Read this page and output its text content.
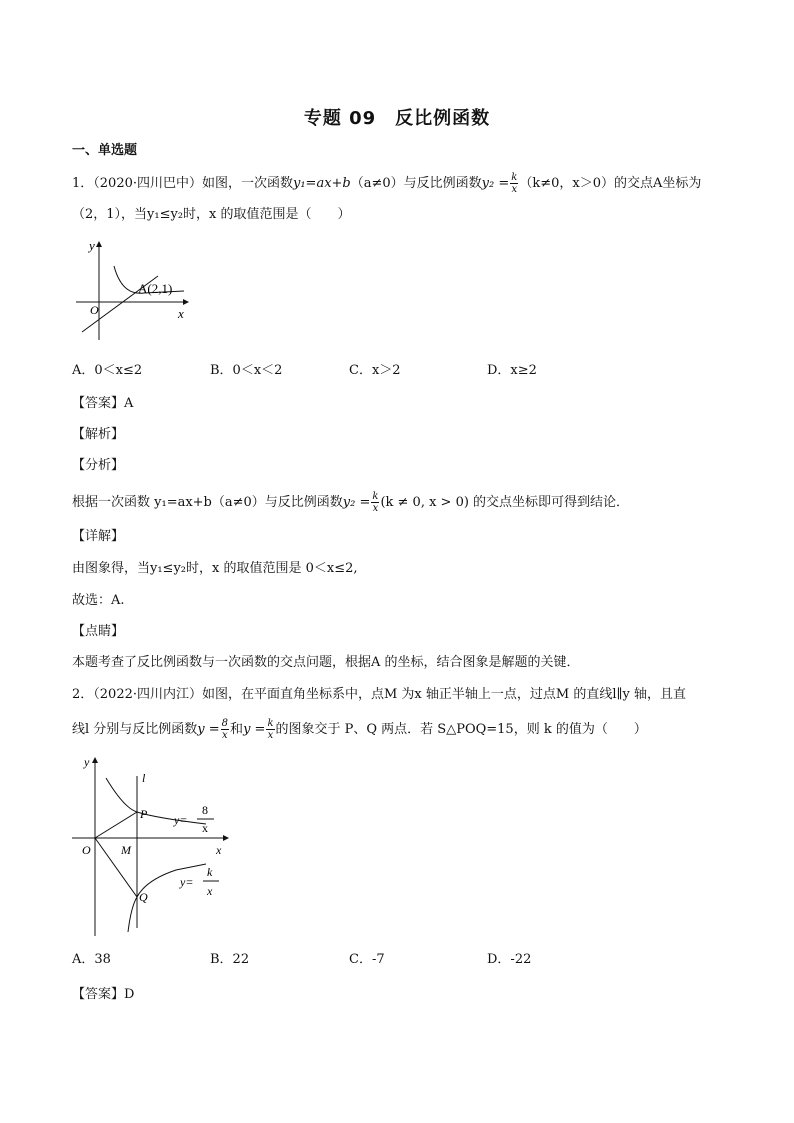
专题 09　反比例函数
一、单选题
1．（2020·四川巴中）如图，一次函数y₁=ax+b（a≠0）与反比例函数$y_2 = \frac{k}{x} (k\ne 0$，x＞0）的交点A坐标为
（2，1），当y₁≤y₂时，x 的取值范围是（　　）
y
x
O
A(2,1)
A．0＜x≤2	B．0＜x＜2	C．x＞2	D．x≥2
【答案】A
【解析】
【分析】
根据一次函数 y₁=ax+b（a≠0）与反比例函数$y_2 = \frac{k}{x} (k \ne 0$, x > 0) 的交点坐标即可得到结论．
【详解】
由图象得，当y₁≤y₂时，x 的取值范围是 0＜x≤2,
故选：A.
【点睛】
本题考查了反比例函数与一次函数的交点问题，根据A 的坐标，结合图象是解题的关键．
2．（2022·四川内江）如图，在平面直角坐标系中，点M 为x 轴正半轴上一点，过点M 的直线l∥y 轴，且直
线l 分别与反比例函数$y = \frac{8}{x}$ 和$y = \frac{k}{x}$ 的图象交于 P、Q 两点．若 S△POQ=15，则 k 的值为（　　）
y
x
O	M
l
P
Q
y=
8
x
y=
k
x
A．38	B．22	C．-7	D．-22
【答案】D
